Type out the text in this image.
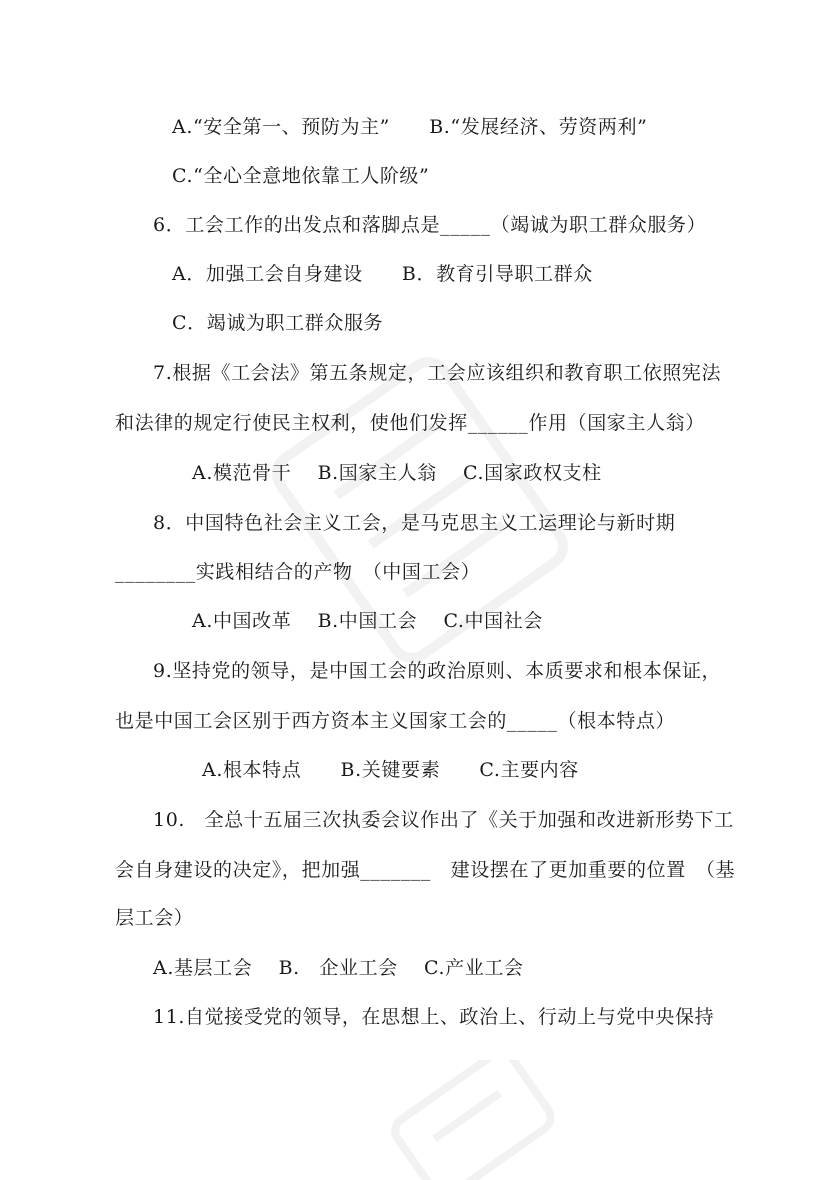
A.“安全第一、预防为主”　　B.“发展经济、劳资两利”
C.“全心全意地依靠工人阶级”
6．工会工作的出发点和落脚点是_____（竭诚为职工群众服务）
A．加强工会自身建设　　B．教育引导职工群众
C．竭诚为职工群众服务
7.根据《工会法》第五条规定，工会应该组织和教育职工依照宪法
和法律的规定行使民主权利，使他们发挥______作用（国家主人翁）
A.模范骨干　 B.国家主人翁　 C.国家政权支柱
8．中国特色社会主义工会，是马克思主义工运理论与新时期
________实践相结合的产物　（中国工会）
A.中国改革　 B.中国工会　 C.中国社会
9.坚持党的领导，是中国工会的政治原则、本质要求和根本保证，
也是中国工会区别于西方资本主义国家工会的_____（根本特点）
A.根本特点　　B.关键要素　　C.主要内容
10.　全总十五届三次执委会议作出了《关于加强和改进新形势下工
会自身建设的决定》，把加强_______　建设摆在了更加重要的位置　（基
层工会）
A.基层工会　 B.　企业工会　 C.产业工会
11.自觉接受党的领导，在思想上、政治上、行动上与党中央保持
